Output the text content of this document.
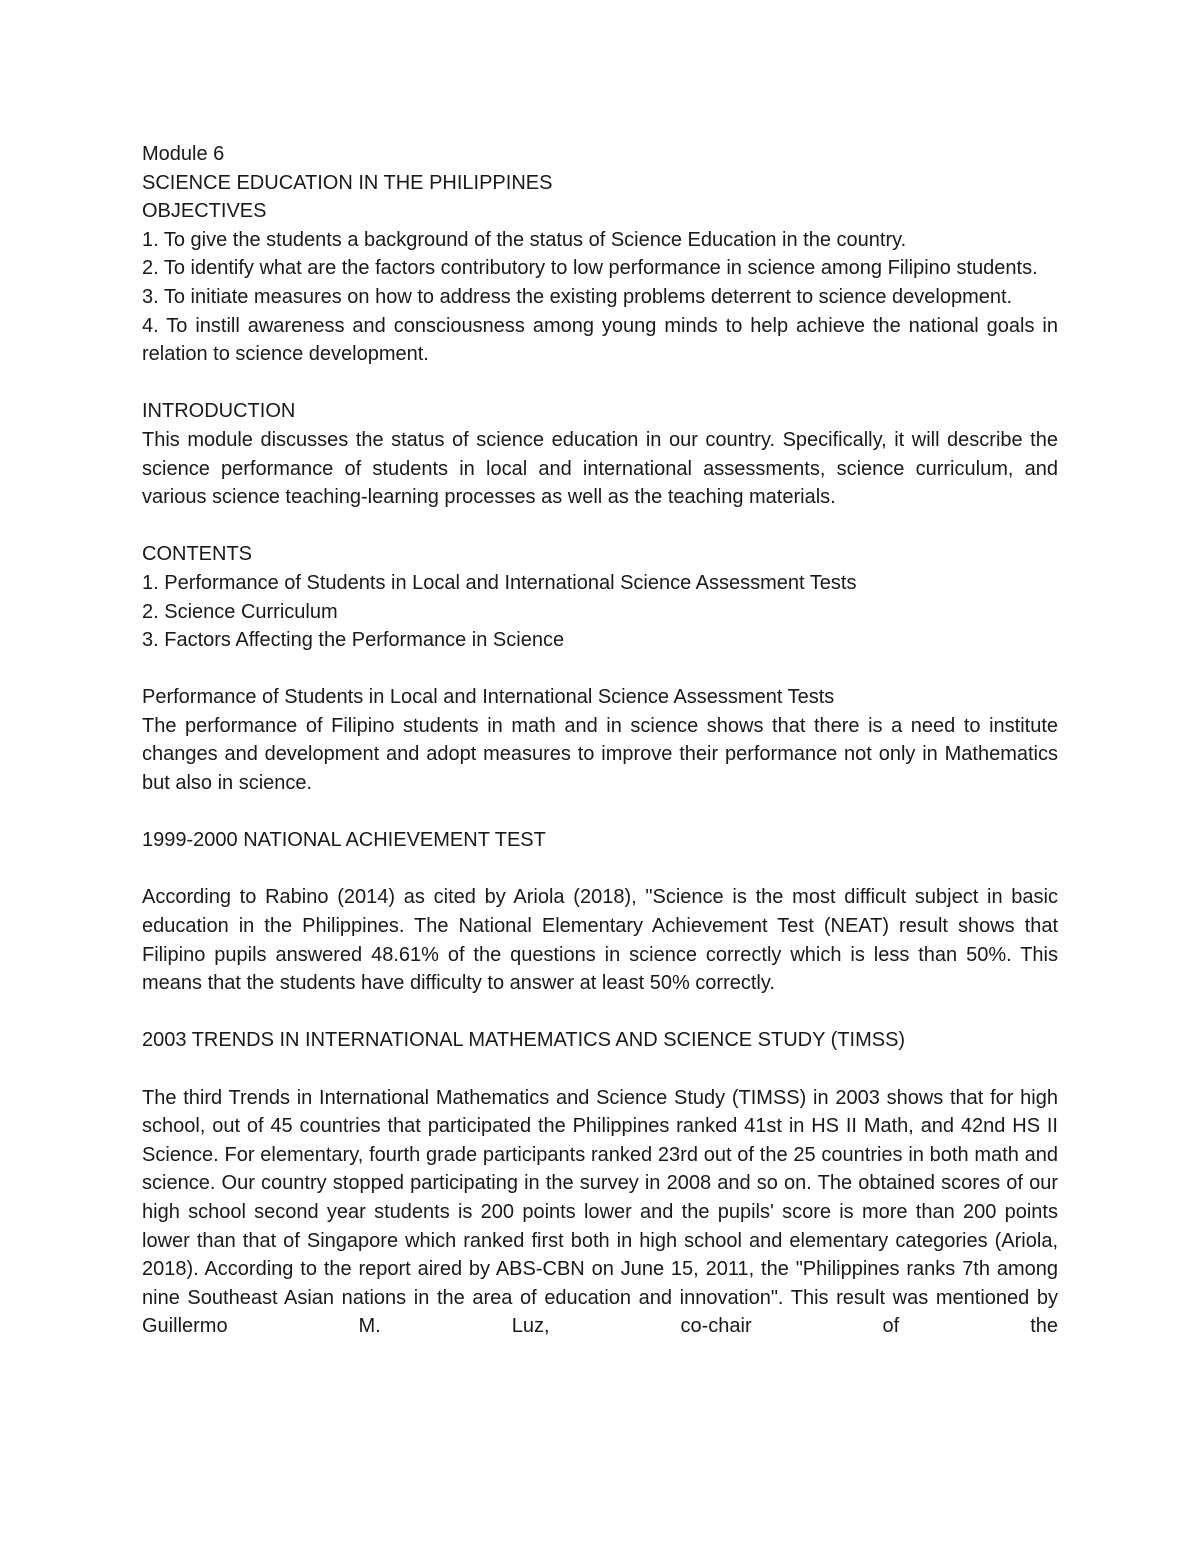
Module 6
SCIENCE EDUCATION IN THE PHILIPPINES
OBJECTIVES

1. To give the students a background of the status of Science Education in the country.

2. To identify what are the factors contributory to low performance in science among Filipino students.

3. To initiate measures on how to address the existing problems deterrent to science development.

4. To instill awareness and consciousness among young minds to help achieve the national goals in relation to science development.

INTRODUCTION

This module discusses the status of science education in our country. Specifically, it will describe the science performance of students in local and international assessments, science curriculum, and various science teaching-learning processes as well as the teaching materials.

CONTENTS
1. Performance of Students in Local and International Science Assessment Tests
2. Science Curriculum
3. Factors Affecting the Performance in Science
Performance of Students in Local and International Science Assessment Tests

The performance of Filipino students in math and in science shows that there is a need to institute changes and development and adopt measures to improve their performance not only in Mathematics but also in science.

1999-2000 NATIONAL ACHIEVEMENT TEST

According to Rabino (2014) as cited by Ariola (2018), "Science is the most difficult subject in basic education in the Philippines. The National Elementary Achievement Test (NEAT) result shows that Filipino pupils answered 48.61% of the questions in science correctly which is less than 50%. This means that the students have difficulty to answer at least 50% correctly.

2003 TRENDS IN INTERNATIONAL MATHEMATICS AND SCIENCE STUDY (TIMSS)

The third Trends in International Mathematics and Science Study (TIMSS) in 2003 shows that for high school, out of 45 countries that participated the Philippines ranked 41st in HS II Math, and 42nd HS II Science. For elementary, fourth grade participants ranked 23rd out of the 25 countries in both math and science. Our country stopped participating in the survey in 2008 and so on. The obtained scores of our high school second year students is 200 points lower and the pupils' score is more than 200 points lower than that of Singapore which ranked first both in high school and elementary categories (Ariola, 2018). According to the report aired by ABS-CBN on June 15, 2011, the "Philippines ranks 7th among nine Southeast Asian nations in the area of education and innovation". This result was mentioned by Guillermo M. Luz, co-chair of the
